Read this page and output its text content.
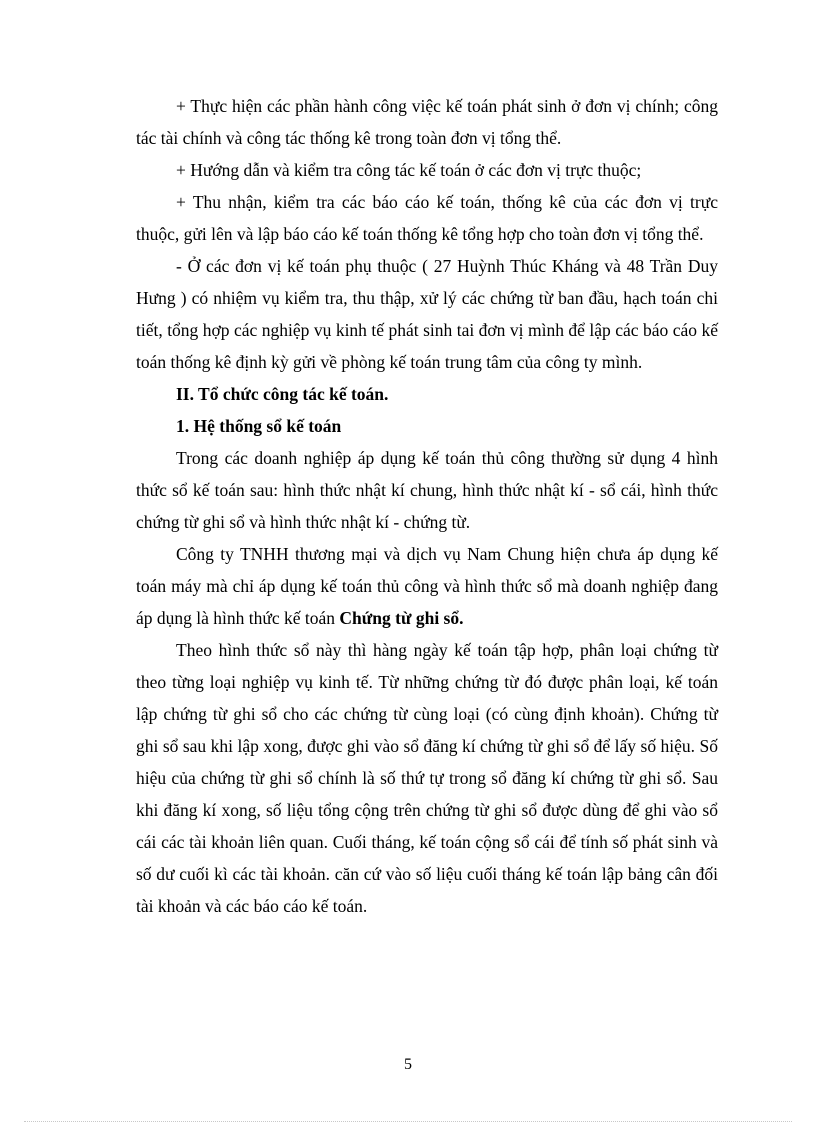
+ Thực hiện các phần hành công việc kế toán phát sinh ở đơn vị chính; công tác tài chính và công tác thống kê trong toàn đơn vị tổng thể.

+ Hướng dẫn và kiểm tra công tác kế toán ở các đơn vị trực thuộc;

+ Thu nhận, kiểm tra các báo cáo kế toán, thống kê của các đơn vị trực thuộc, gửi lên và lập báo cáo kế toán thống kê tổng hợp cho toàn đơn vị tổng thể.

- Ở các đơn vị kế toán phụ thuộc ( 27 Huỳnh Thúc Kháng và 48 Trần Duy Hưng ) có nhiệm vụ kiểm tra, thu thập, xử lý các chứng từ ban đầu, hạch toán chi tiết, tổng hợp các nghiệp vụ kinh tế phát sinh tai đơn vị mình để lập các báo cáo kế toán thống kê định kỳ gửi về phòng kế toán trung tâm của công ty mình.

II. Tổ chức công tác kế toán.

1. Hệ thống sổ kế toán

Trong các doanh nghiệp áp dụng kế toán thủ công thường sử dụng 4 hình thức sổ kế toán sau: hình thức nhật kí chung, hình thức nhật kí - sổ cái, hình thức chứng từ ghi sổ và hình thức nhật kí - chứng từ.

Công ty TNHH thương mại và dịch vụ Nam Chung hiện chưa áp dụng kế toán máy mà chỉ áp dụng kế toán thủ công và hình thức sổ mà doanh nghiệp đang áp dụng là hình thức kế toán Chứng từ ghi sổ.

Theo hình thức sổ này thì hàng ngày kế toán tập hợp, phân loại chứng từ theo từng loại nghiệp vụ kinh tế. Từ những chứng từ đó được phân loại, kế toán lập chứng từ ghi sổ cho các chứng từ cùng loại (có cùng định khoản). Chứng từ ghi sổ sau khi lập xong, được ghi vào sổ đăng kí chứng từ ghi sổ để lấy số hiệu. Số hiệu của chứng từ ghi sổ chính là số thứ tự trong sổ đăng kí chứng từ ghi sổ. Sau khi đăng kí xong, số liệu tổng cộng trên chứng từ ghi sổ được dùng để ghi vào sổ cái các tài khoản liên quan. Cuối tháng, kế toán cộng sổ cái để tính số phát sinh và số dư cuối kì các tài khoản. căn cứ vào số liệu cuối tháng kế toán lập bảng cân đối tài khoản và các báo cáo kế toán.

5
